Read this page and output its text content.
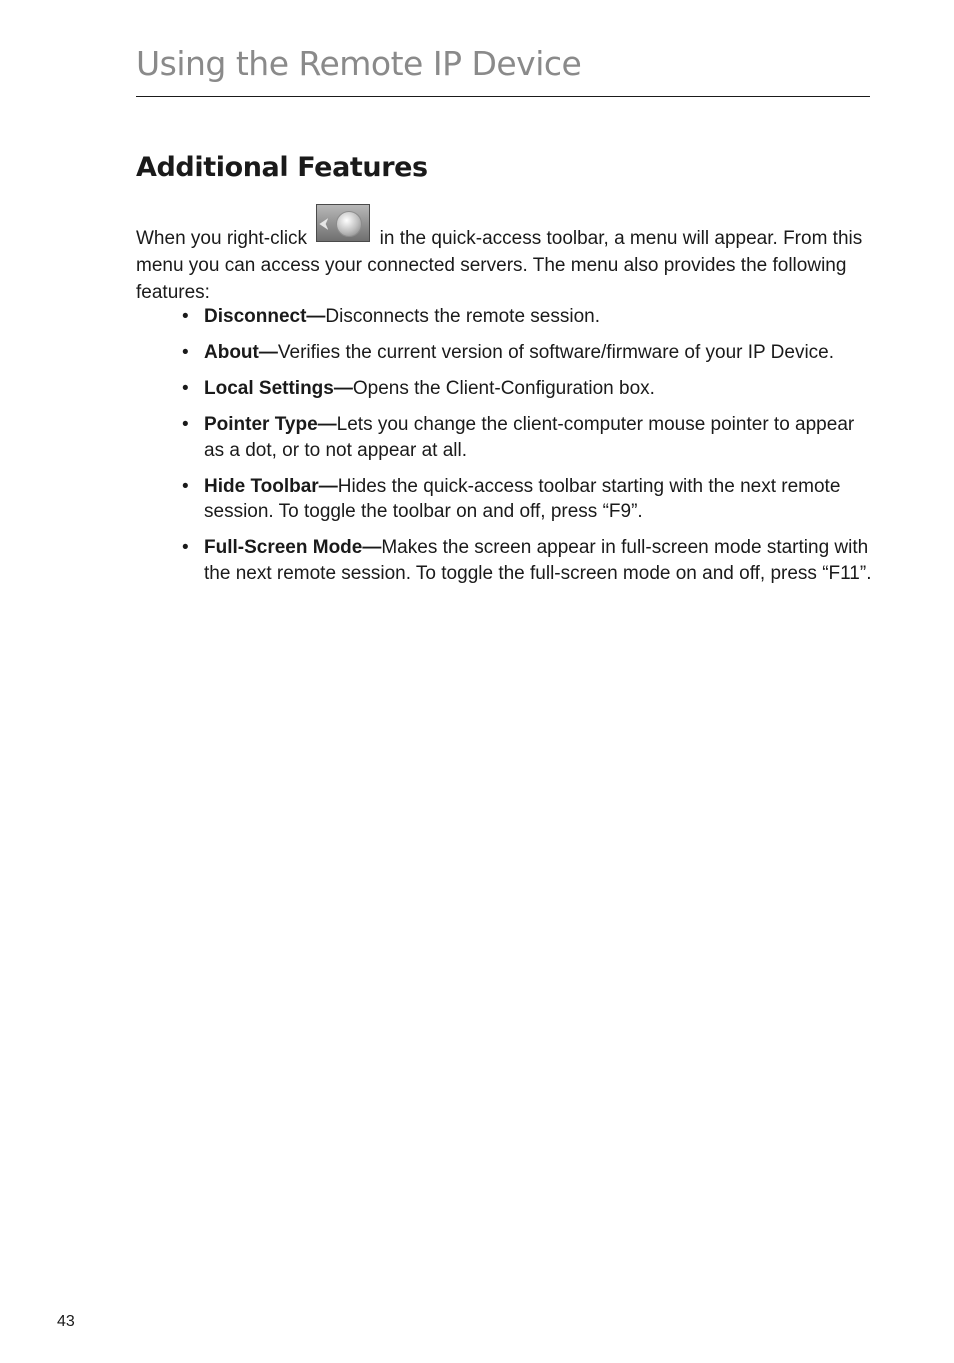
Using the Remote IP Device
Additional Features

When you right-click	in the quick-access toolbar, a menu will appear. From this menu you can access your connected servers. The menu also provides the following features:

• Disconnect—Disconnects the remote session.
• About—Verifies the current version of software/firmware of your IP Device.
• Local Settings—Opens the Client-Configuration box.
• Pointer Type—Lets you change the client-computer mouse pointer to appear as a dot, or to not appear at all.
• Hide Toolbar—Hides the quick-access toolbar starting with the next remote session. To toggle the toolbar on and off, press “F9”.
• Full-Screen Mode—Makes the screen appear in full-screen mode starting with the next remote session. To toggle the full-screen mode on and off, press “F11”.
43
